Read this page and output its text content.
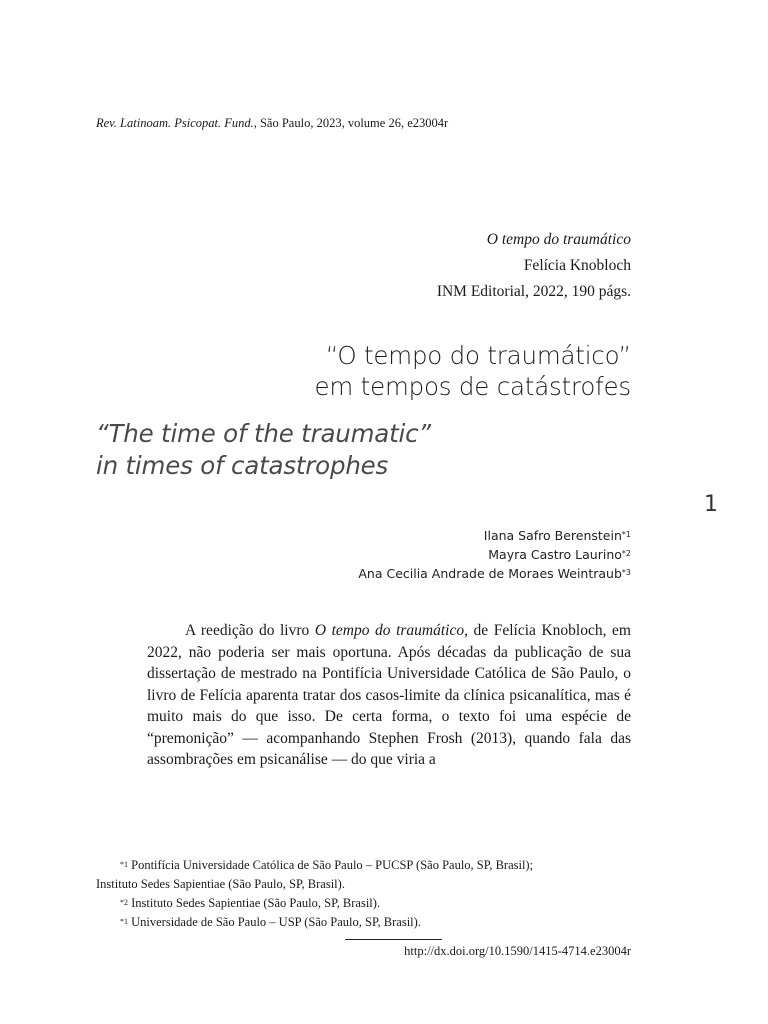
Rev. Latinoam. Psicopat. Fund., São Paulo, 2023, volume 26, e23004r
O tempo do traumático
Felícia Knobloch
INM Editorial, 2022, 190 págs.
“O tempo do traumático”
em tempos de catástrofes
“The time of the traumatic”
in times of catastrophes
1
Ilana Safro Berenstein$^{*1}$
Mayra Castro Laurino$^{*2}$
Ana Cecilia Andrade de Moraes Weintraub$^{*3}$

A reedição do livro O tempo do traumático, de Felícia Knobloch, em 2022, não poderia ser mais oportuna. Após décadas da publicação de sua dissertação de mestrado na Pontifícia Universidade Católica de São Paulo, o livro de Felícia aparenta tratar dos casos-limite da clínica psicanalítica, mas é muito mais do que isso. De certa forma, o texto foi uma espécie de “premonição” — acompanhando Stephen Frosh (2013), quando fala das assombrações em psicanálise — do que viria a

$^{*1}$ Pontifícia Universidade Católica de São Paulo – PUCSP (São Paulo, SP, Brasil);
Instituto Sedes Sapientiae (São Paulo, SP, Brasil).
$^{*2}$ Instituto Sedes Sapientiae (São Paulo, SP, Brasil).
$^{*1}$ Universidade de São Paulo – USP (São Paulo, SP, Brasil).
http://dx.doi.org/10.1590/1415-4714.e23004r
